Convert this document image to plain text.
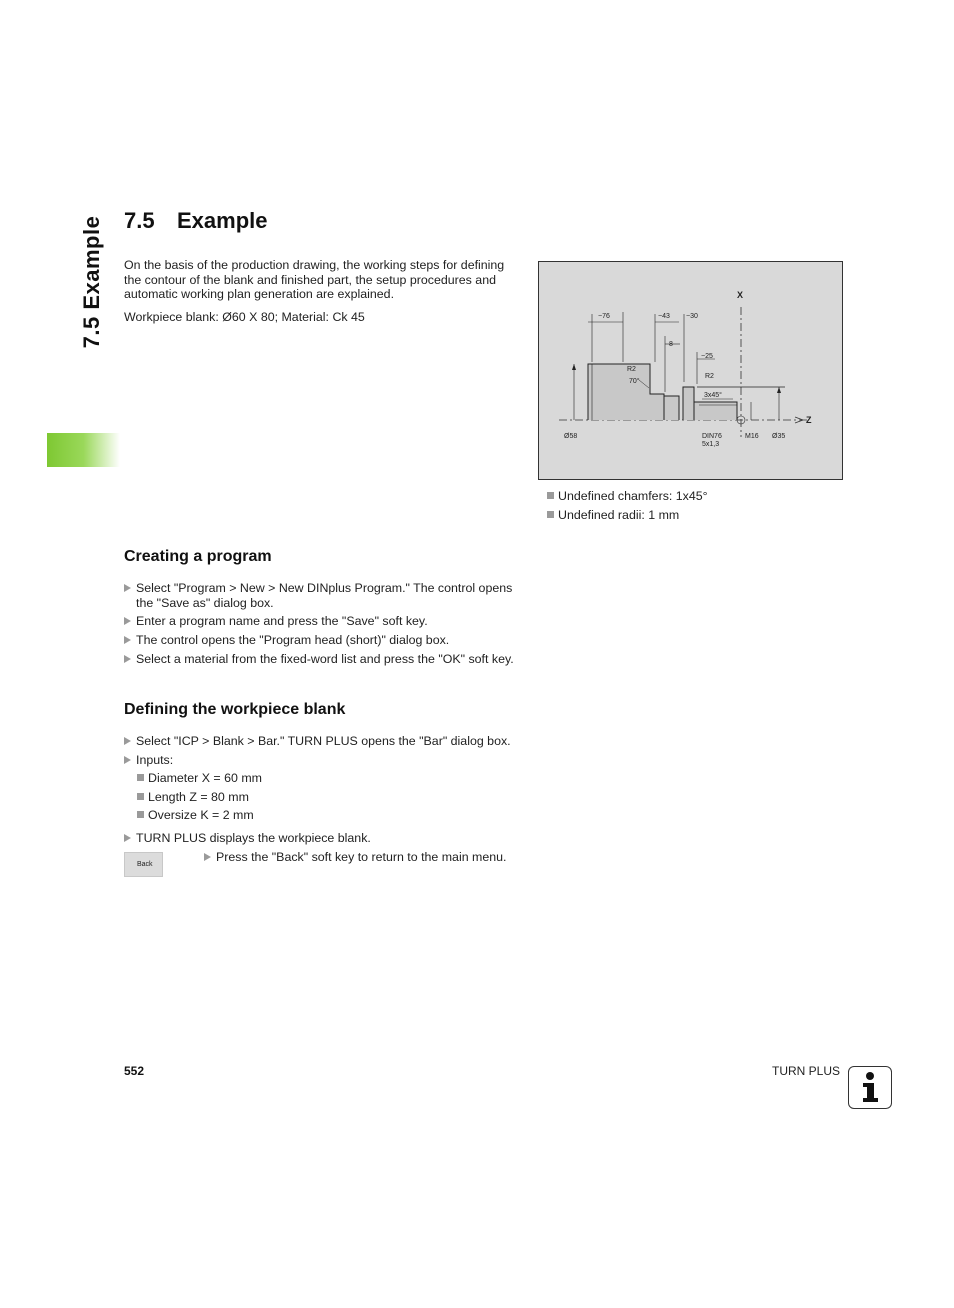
7.5 Example 7.5 Example
On the basis of the production drawing, the working steps for defining the contour of the blank and finished part, the setup procedures and automatic working plan generation are explained.
Workpiece blank: Ø60 X 80; Material: Ck 45
Z
X
−76	−43 −30
8
−25
R2
70°
R2
3x45°
Ø58	DIN76
5x1,3
M16 Ø35
Undefined chamfers: 1x45°
Undefined radii: 1 mm
Creating a program
Select "Program > New > New DINplus Program." The control opens the "Save as" dialog box.
Enter a program name and press the "Save" soft key.
The control opens the "Program head (short)" dialog box.
Select a material from the fixed-word list and press the "OK" soft key.
Defining the workpiece blank
Select "ICP > Blank > Bar." TURN PLUS opens the "Bar" dialog box.
Inputs:
Diameter X = 60 mm
Length Z = 80 mm
Oversize K = 2 mm
TURN PLUS displays the workpiece blank.
Back
Press the "Back" soft key to return to the main menu.
552	TURN PLUS
